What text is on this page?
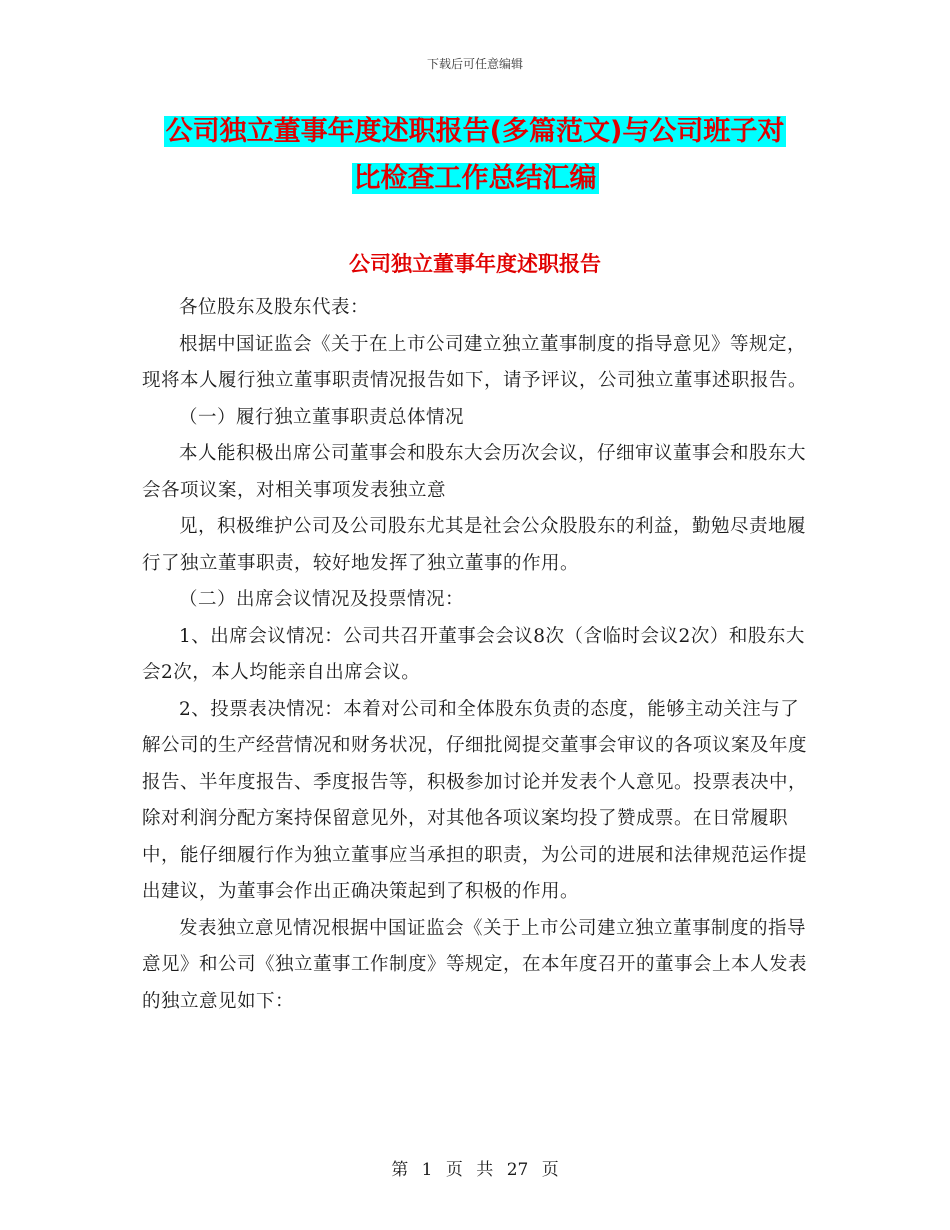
下载后可任意编辑
公司独立董事年度述职报告(多篇范文)与公司班子对
比检查工作总结汇编
公司独立董事年度述职报告

各位股东及股东代表：

根据中国证监会《关于在上市公司建立独立董事制度的指导意见》等规定，现将本人履行独立董事职责情况报告如下，请予评议，公司独立董事述职报告。

（一）履行独立董事职责总体情况

本人能积极出席公司董事会和股东大会历次会议，仔细审议董事会和股东大会各项议案，对相关事项发表独立意

见，积极维护公司及公司股东尤其是社会公众股股东的利益，勤勉尽责地履行了独立董事职责，较好地发挥了独立董事的作用。

（二）出席会议情况及投票情况：

1、出席会议情况：公司共召开董事会会议8次（含临时会议2次）和股东大会2次，本人均能亲自出席会议。

2、投票表决情况：本着对公司和全体股东负责的态度，能够主动关注与了解公司的生产经营情况和财务状况，仔细批阅提交董事会审议的各项议案及年度报告、半年度报告、季度报告等，积极参加讨论并发表个人意见。投票表决中，除对利润分配方案持保留意见外，对其他各项议案均投了赞成票。在日常履职中，能仔细履行作为独立董事应当承担的职责，为公司的进展和法律规范运作提出建议，为董事会作出正确决策起到了积极的作用。

发表独立意见情况根据中国证监会《关于上市公司建立独立董事制度的指导意见》和公司《独立董事工作制度》等规定，在本年度召开的董事会上本人发表的独立意见如下：

第 1 页 共 27 页
